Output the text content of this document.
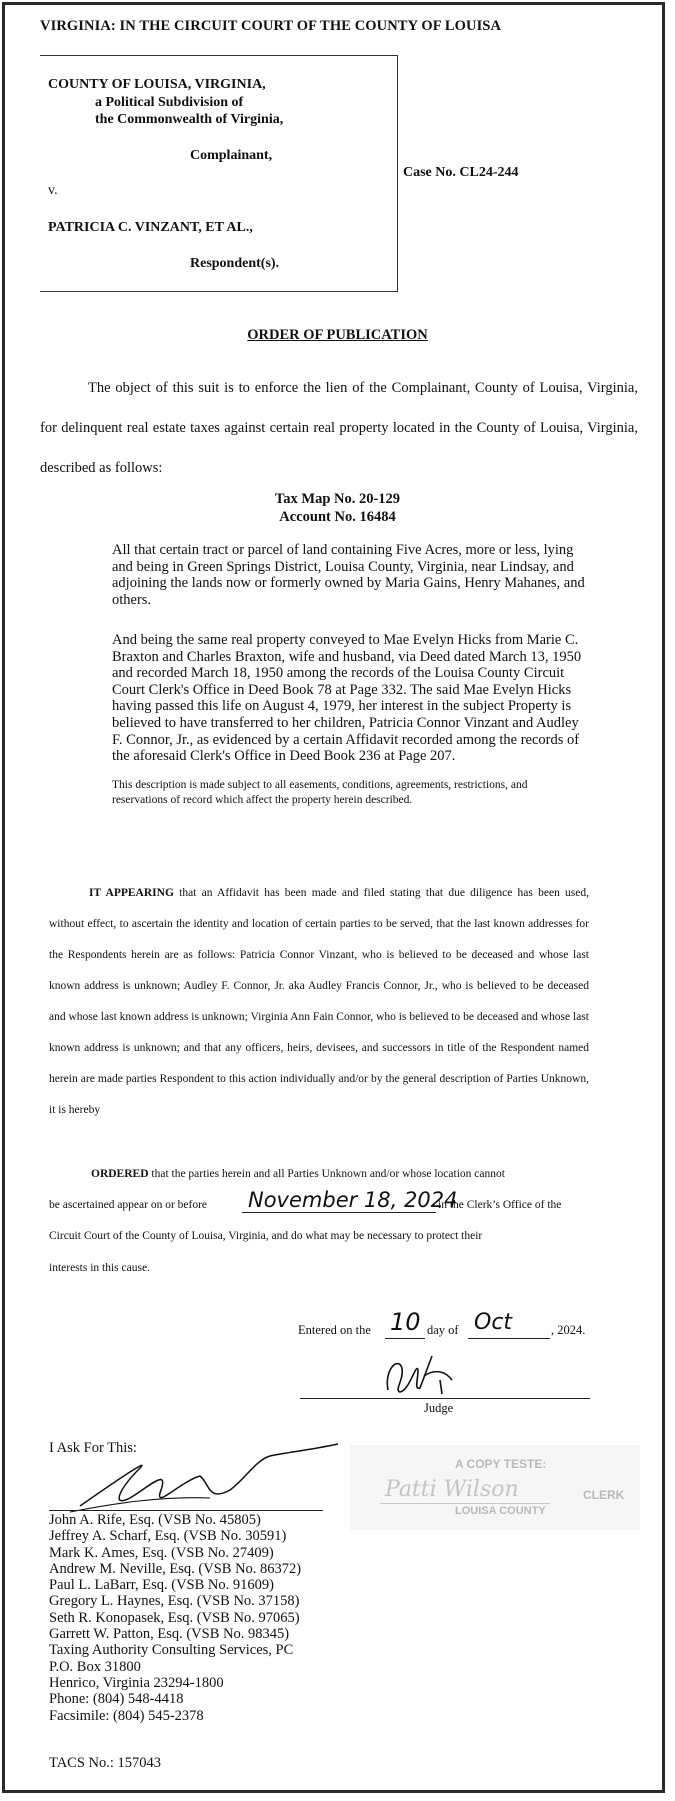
VIRGINIA: IN THE CIRCUIT COURT OF THE COUNTY OF LOUISA
COUNTY OF LOUISA, VIRGINIA,
a Political Subdivision of
the Commonwealth of Virginia,
Complainant,
v.
PATRICIA C. VINZANT, ET AL.,
Respondent(s).
Case No. CL24-244
ORDER OF PUBLICATION
The object of this suit is to enforce the lien of the Complainant, County of Louisa, Virginia, for delinquent real estate taxes against certain real property located in the County of Louisa, Virginia, described as follows:
Tax Map No. 20-129
Account No. 16484
All that certain tract or parcel of land containing Five Acres, more or less, lying and being in Green Springs District, Louisa County, Virginia, near Lindsay, and adjoining the lands now or formerly owned by Maria Gains, Henry Mahanes, and others.
And being the same real property conveyed to Mae Evelyn Hicks from Marie C. Braxton and Charles Braxton, wife and husband, via Deed dated March 13, 1950 and recorded March 18, 1950 among the records of the Louisa County Circuit Court Clerk's Office in Deed Book 78 at Page 332. The said Mae Evelyn Hicks having passed this life on August 4, 1979, her interest in the subject Property is believed to have transferred to her children, Patricia Connor Vinzant and Audley F. Connor, Jr., as evidenced by a certain Affidavit recorded among the records of the aforesaid Clerk's Office in Deed Book 236 at Page 207.
This description is made subject to all easements, conditions, agreements, restrictions, and reservations of record which affect the property herein described.
IT APPEARING that an Affidavit has been made and filed stating that due diligence has been used, without effect, to ascertain the identity and location of certain parties to be served, that the last known addresses for the Respondents herein are as follows: Patricia Connor Vinzant, who is believed to be deceased and whose last known address is unknown; Audley F. Connor, Jr. aka Audley Francis Connor, Jr., who is believed to be deceased and whose last known address is unknown; Virginia Ann Fain Connor, who is believed to be deceased and whose last known address is unknown; and that any officers, heirs, devisees, and successors in title of the Respondent named herein are made parties Respondent to this action individually and/or by the general description of Parties Unknown, it is hereby
ORDERED that the parties herein and all Parties Unknown and/or whose location cannot
be ascertained appear on or before November 18, 2024
in the Clerk’s Office of the
Circuit Court of the County of Louisa, Virginia, and do what may be necessary to protect their
interests in this cause.
Entered on the 10 day of Oct	, 2024.
Judge
I Ask For This:
A COPY TESTE:
Patti Wilson	CLERK
LOUISA COUNTY
John A. Rife, Esq. (VSB No. 45805)
Jeffrey A. Scharf, Esq. (VSB No. 30591)
Mark K. Ames, Esq. (VSB No. 27409)
Andrew M. Neville, Esq. (VSB No. 86372)
Paul L. LaBarr, Esq. (VSB No. 91609)
Gregory L. Haynes, Esq. (VSB No. 37158)
Seth R. Konopasek, Esq. (VSB No. 97065)
Garrett W. Patton, Esq. (VSB No. 98345)
Taxing Authority Consulting Services, PC
P.O. Box 31800
Henrico, Virginia 23294-1800
Phone: (804) 548-4418
Facsimile: (804) 545-2378
TACS No.: 157043
